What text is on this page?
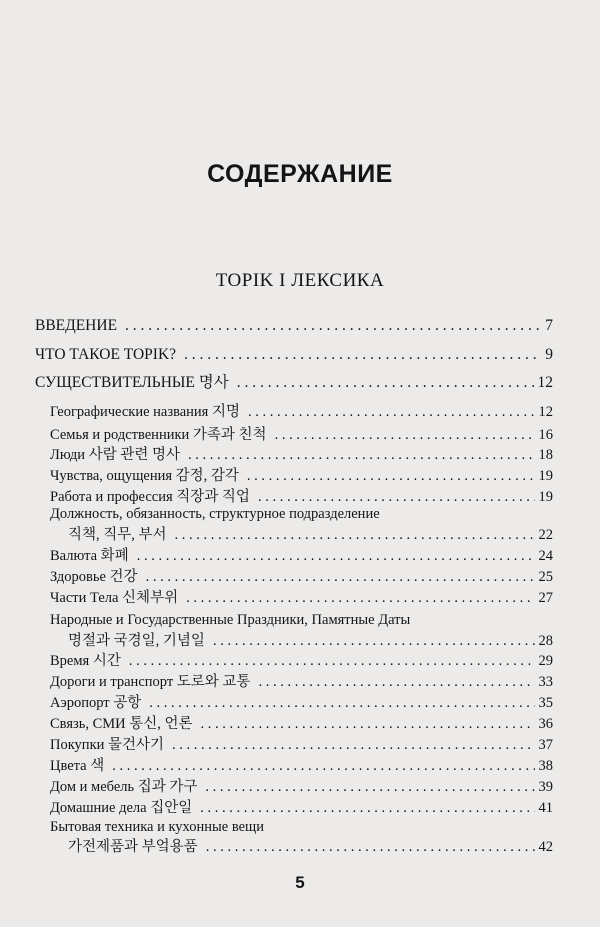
СОДЕРЖАНИЕ
TOPIK I ЛЕКСИКА
ВВЕДЕНИЕ . . .	7
ЧТО ТАКОЕ TOPIK? . . .	9
СУЩЕСТВИТЕЛЬНЫЕ 명사 . . .	12
Географические названия 지명 . . .	12
Семья и родственники 가족과 친척 . . .	16
Люди 사람 관련 명사 . . .	18
Чувства, ощущения 감정, 감각 . . .	19
Работа и профессия 직장과 직업 . . .	19
Должность, обязанность, структурное подразделение
직책, 직무, 부서 . . .	22
Валюта 화폐 . . .	24
Здоровье 건강 . . .	25
Части Тела 신체부위 . . .	27
Народные и Государственные Праздники, Памятные Даты
명절과 국경일, 기념일 . . .	28
Время 시간 . . .	29
Дороги и транспорт 도로와 교통 . . .	33
Аэропорт 공항 . . .	35
Связь, СМИ 통신, 언론 . . .	36
Покупки 물건사기 . . .	37
Цвета 색 . . .	38
Дом и мебель 집과 가구 . . .	39
Домашние дела 집안일 . . .	41
Бытовая техника и кухонные вещи
가전제품과 부엌용품 . . .	42
5
